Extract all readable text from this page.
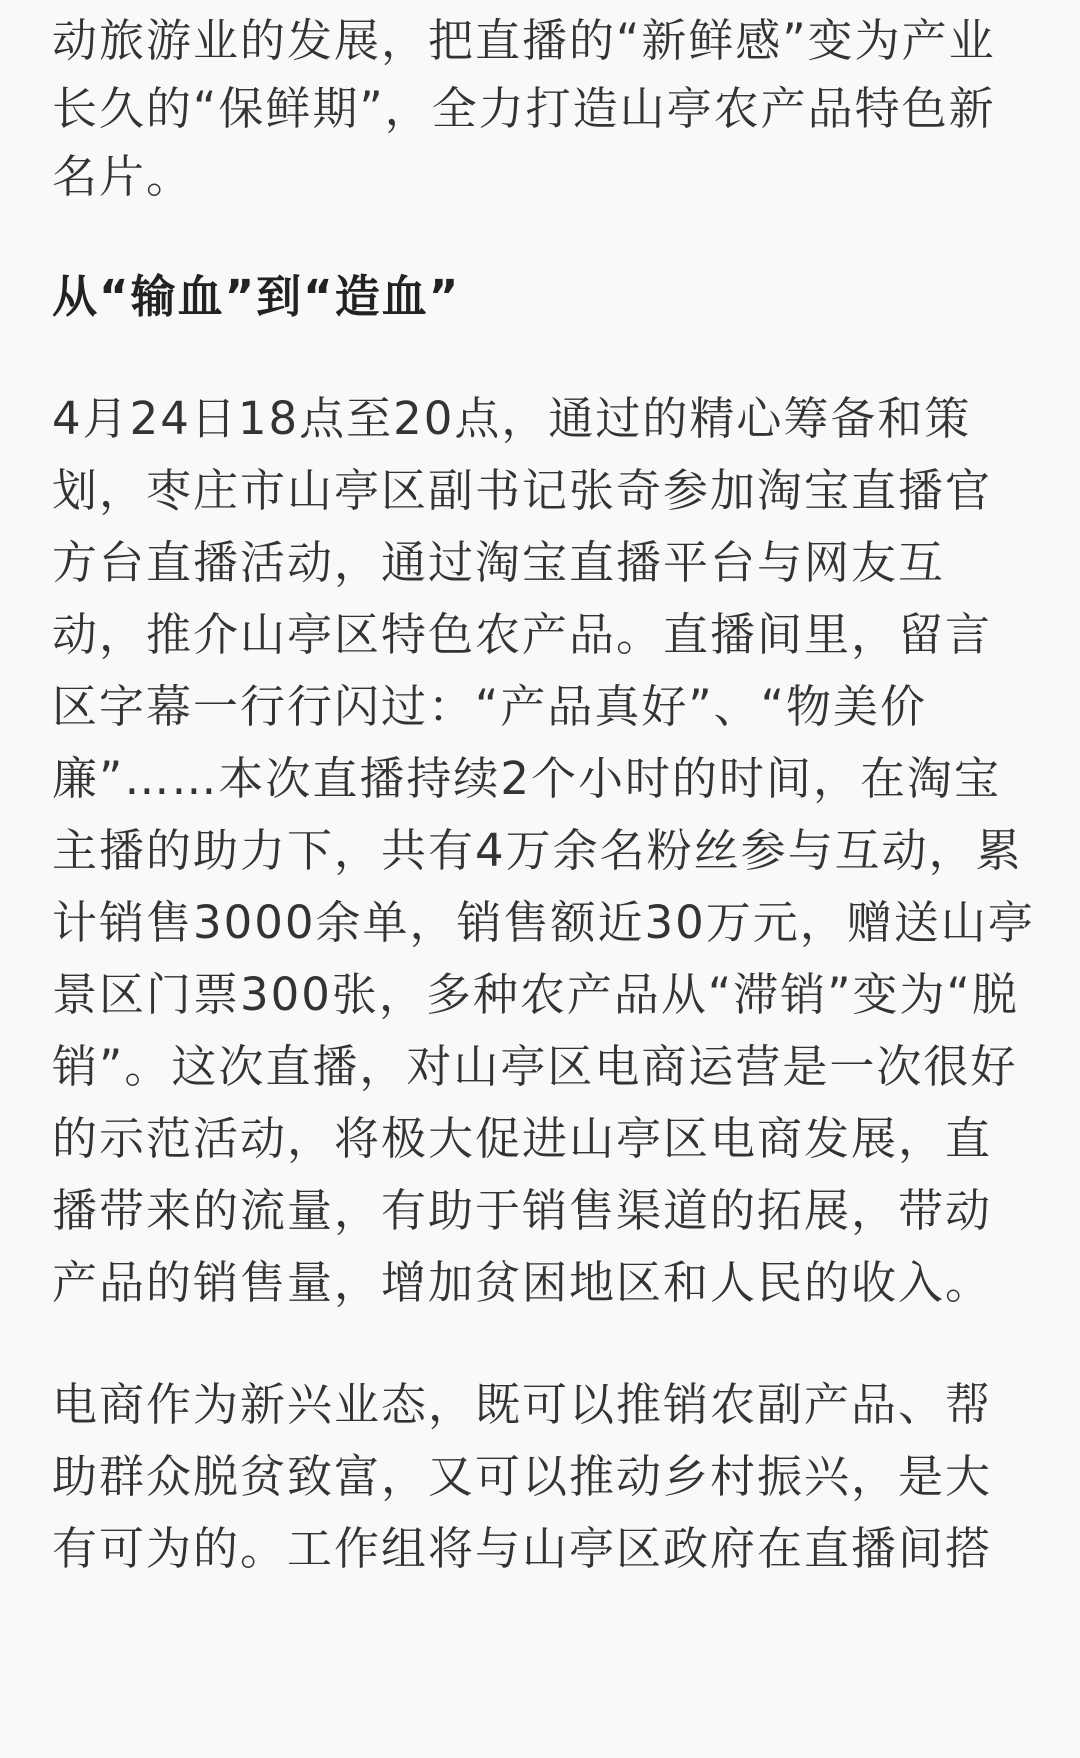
动旅游业的发展，把直播的“新鲜感”变为产业
长久的“保鲜期”，全力打造山亭农产品特色新
名片。
从“输血”到“造血”
4月24日18点至20点，通过的精心筹备和策
划，枣庄市山亭区副书记张奇参加淘宝直播官
方台直播活动，通过淘宝直播平台与网友互
动，推介山亭区特色农产品。直播间里，留言
区字幕一行行闪过：“产品真好”、“物美价
廉”……本次直播持续2个小时的时间，在淘宝
主播的助力下，共有4万余名粉丝参与互动，累
计销售3000余单，销售额近30万元，赠送山亭
景区门票300张，多种农产品从“滞销”变为“脱
销”。这次直播，对山亭区电商运营是一次很好
的示范活动，将极大促进山亭区电商发展，直
播带来的流量，有助于销售渠道的拓展，带动
产品的销售量，增加贫困地区和人民的收入。
电商作为新兴业态，既可以推销农副产品、帮
助群众脱贫致富，又可以推动乡村振兴，是大
有可为的。工作组将与山亭区政府在直播间搭
